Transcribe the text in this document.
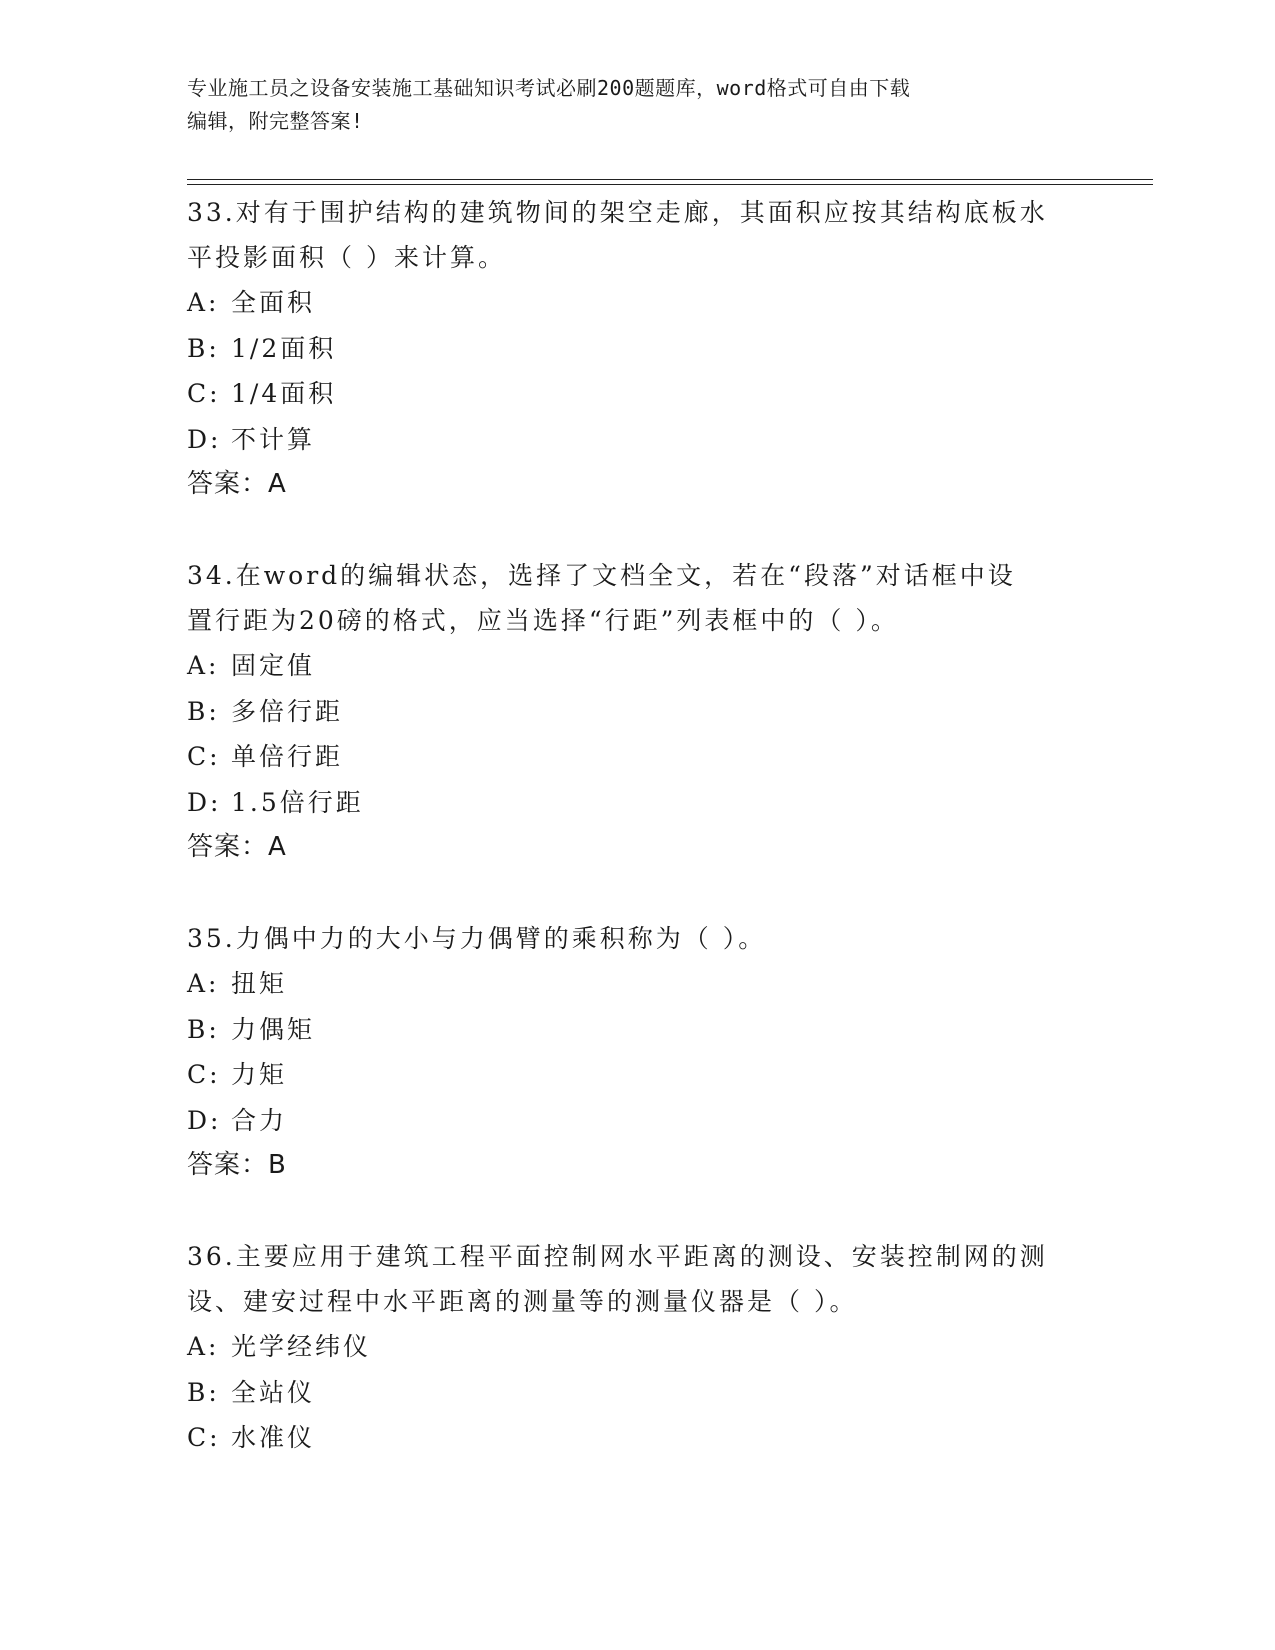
专业施工员之设备安装施工基础知识考试必刷200题题库，word格式可自由下载
编辑，附完整答案!
33.对有于围护结构的建筑物间的架空走廊，其面积应按其结构底板水
平投影面积（ ）来计算。
A: 全面积
B: 1/2面积
C: 1/4面积
D: 不计算
答案：A
34.在word的编辑状态，选择了文档全文，若在“段落”对话框中设
置行距为20磅的格式，应当选择“行距”列表框中的（ ）。
A: 固定值
B: 多倍行距
C: 单倍行距
D: 1.5倍行距
答案：A
35.力偶中力的大小与力偶臂的乘积称为（ ）。
A: 扭矩
B: 力偶矩
C: 力矩
D: 合力
答案：B
36.主要应用于建筑工程平面控制网水平距离的测设、安装控制网的测
设、建安过程中水平距离的测量等的测量仪器是（ ）。
A: 光学经纬仪
B: 全站仪
C: 水准仪
